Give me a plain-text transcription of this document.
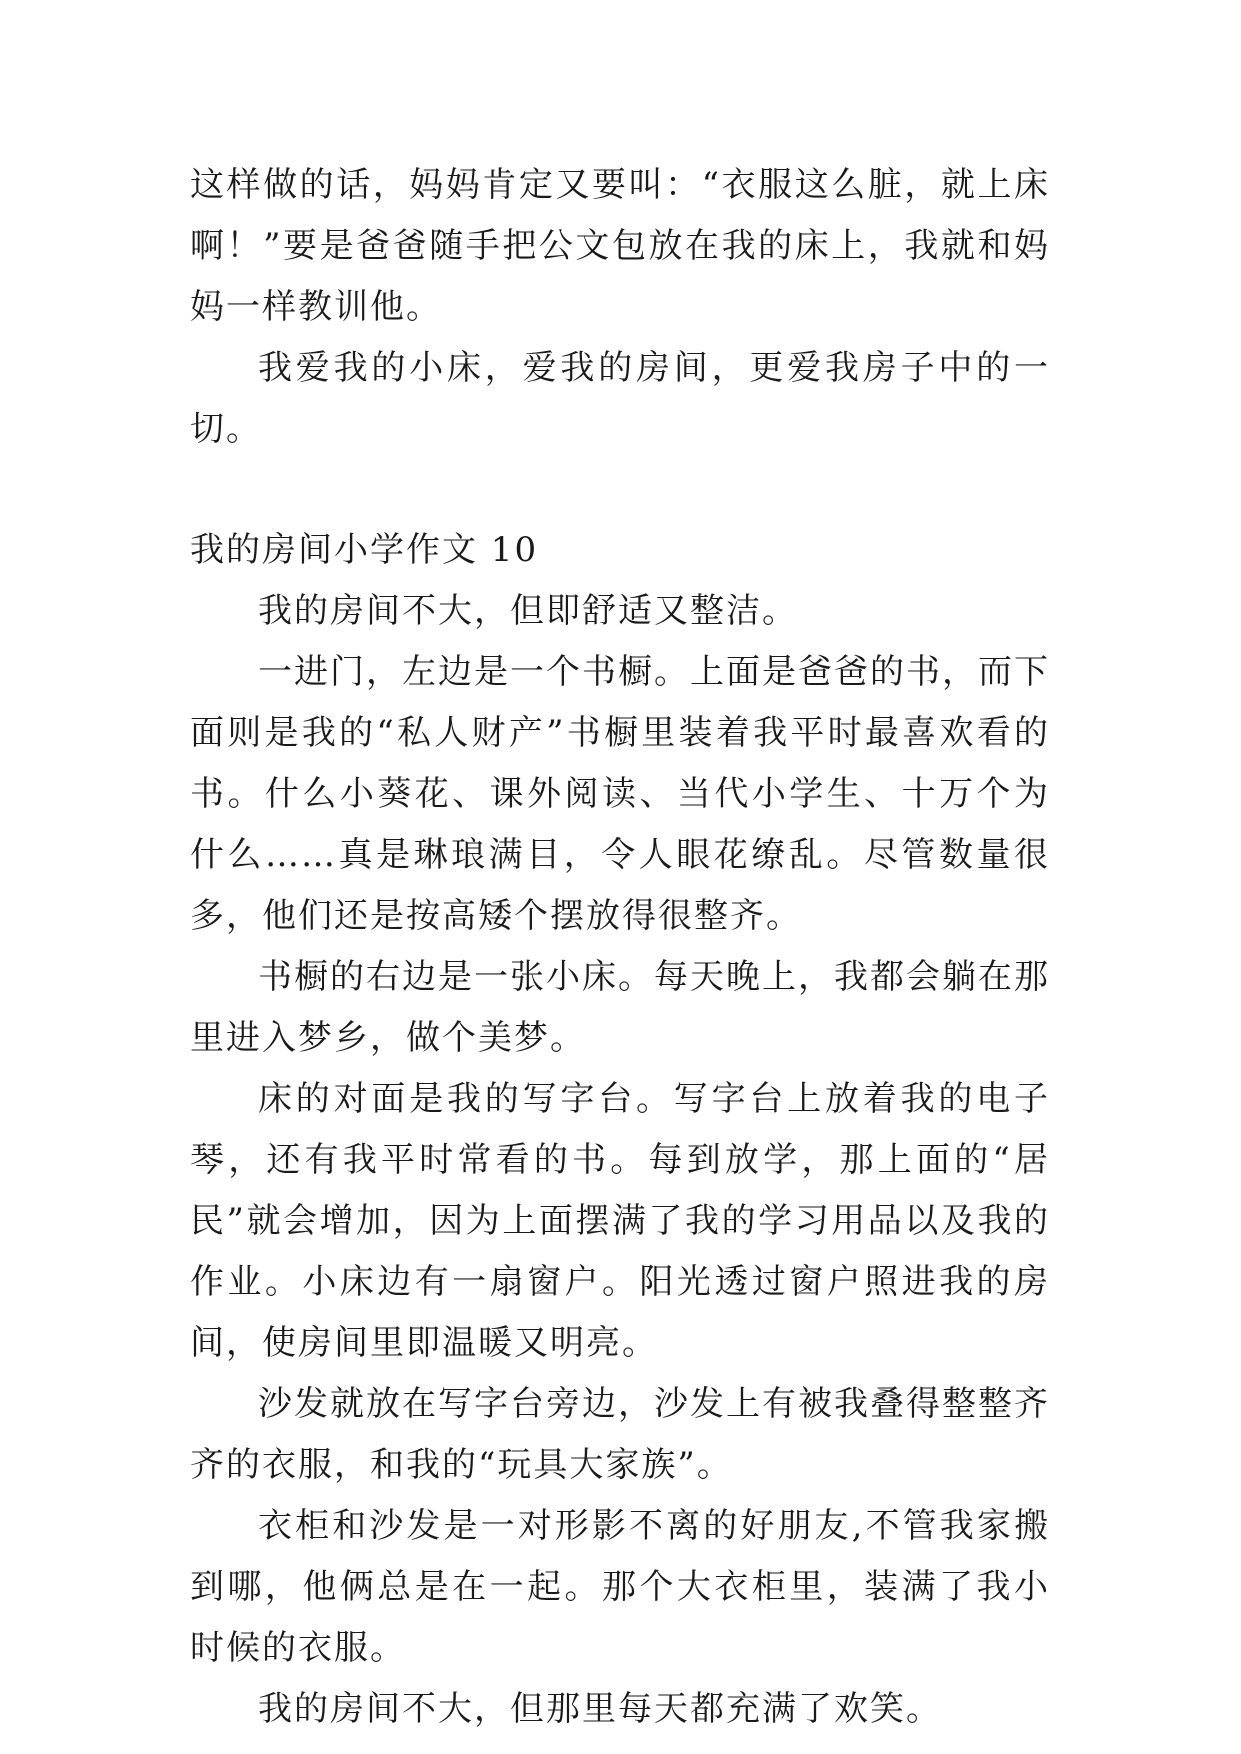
这样做的话，妈妈肯定又要叫：“衣服这么脏，就上床啊！”要是爸爸随手把公文包放在我的床上，我就和妈妈一样教训他。

我爱我的小床，爱我的房间，更爱我房子中的一切。

我的房间小学作文 10

我的房间不大，但即舒适又整洁。

一进门，左边是一个书橱。上面是爸爸的书，而下面则是我的“私人财产”书橱里装着我平时最喜欢看的书。什么小葵花、课外阅读、当代小学生、十万个为什么……真是琳琅满目，令人眼花缭乱。尽管数量很多，他们还是按高矮个摆放得很整齐。

书橱的右边是一张小床。每天晚上，我都会躺在那里进入梦乡，做个美梦。

床的对面是我的写字台。写字台上放着我的电子琴，还有我平时常看的书。每到放学，那上面的“居民”就会增加，因为上面摆满了我的学习用品以及我的作业。小床边有一扇窗户。阳光透过窗户照进我的房间，使房间里即温暖又明亮。

沙发就放在写字台旁边，沙发上有被我叠得整整齐齐的衣服，和我的“玩具大家族”。

衣柜和沙发是一对形影不离的好朋友,不管我家搬到哪，他俩总是在一起。那个大衣柜里，装满了我小时候的衣服。

我的房间不大，但那里每天都充满了欢笑。
